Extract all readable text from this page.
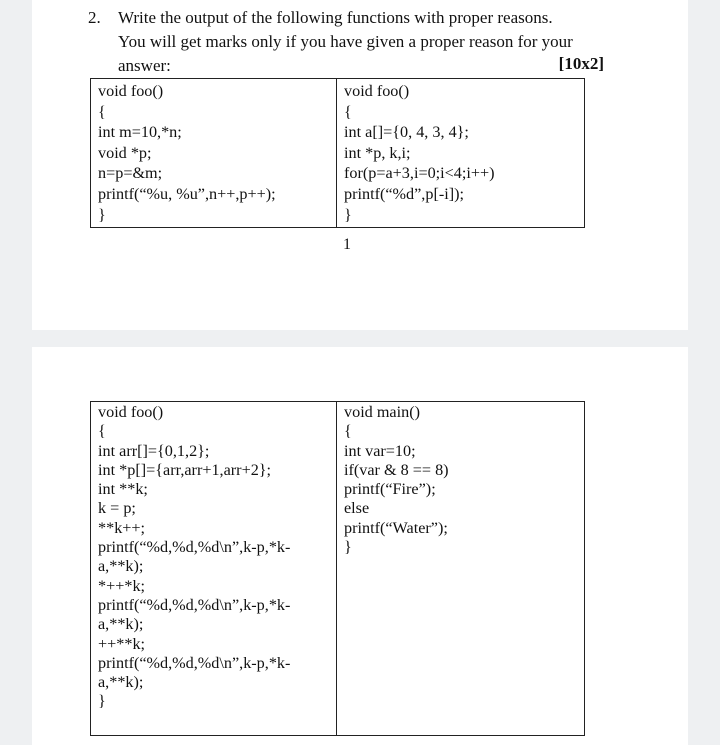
2. Write the output of the following functions with proper reasons.
You will get marks only if you have given a proper reason for your
answer:	[10x2]
void foo()
{
int m=10,*n;
void *p;
n=p=&m;
printf(“%u, %u”,n++,p++);
}

void foo()
{
int a[]={0, 4, 3, 4};
int *p, k,i;
for(p=a+3,i=0;i<4;i++)
printf(“%d”,p[-i]);
}
1
void foo()
{
int arr[]={0,1,2};
int *p[]={arr,arr+1,arr+2};
int **k;
k = p;
**k++;
printf(“%d,%d,%d\n”,k-p,*k-
a,**k);
*++*k;
printf(“%d,%d,%d\n”,k-p,*k-
a,**k);
++**k;
printf(“%d,%d,%d\n”,k-p,*k-
a,**k);
}

void main()
{
int var=10;
if(var & 8 == 8)
printf(“Fire”);
else
printf(“Water”);
}
